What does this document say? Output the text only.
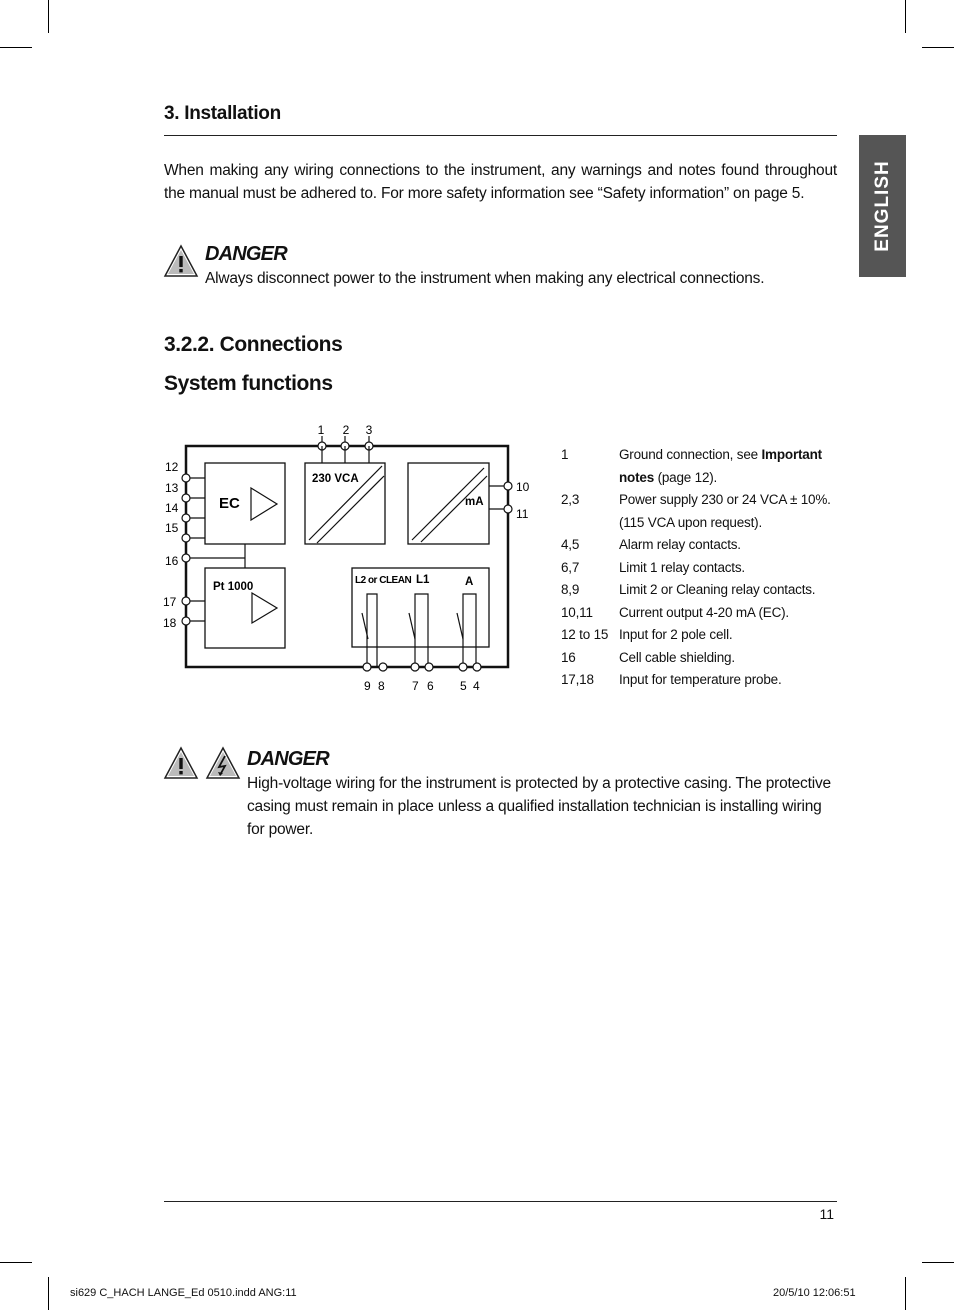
ENGLISH
3. Installation

When making any wiring connections to the instrument, any warnings and notes found throughout the manual must be adhered to. For more safety information see “Safety information” on page 5.

DANGER

Always disconnect power to the instrument when making any electrical connections.

3.2.2. Connections
System functions
1 2 3
EC
230 VCA
mA
10
11
12
13
14
15
16
17
18
Pt 1000
L2 or CLEAN L1	A
9 8 7 6 5 4
1	Ground connection, see Important notes (page 12).
2,3	Power supply 230 or 24 VCA ± 10%. (115 VCA upon request).
4,5	Alarm relay contacts.
6,7	Limit 1 relay contacts.
8,9	Limit 2 or Cleaning relay contacts.
10,11	Current output 4-20 mA (EC).
12 to 15 Input for 2 pole cell.
16	Cell cable shielding.
17,18	Input for temperature probe.

DANGER

High-voltage wiring for the instrument is protected by a protective casing. The protective casing must remain in place unless a qualified installation technician is installing wiring for power.

11
si629 C_HACH LANGE_Ed 0510.indd ANG:11	20/5/10 12:06:51
